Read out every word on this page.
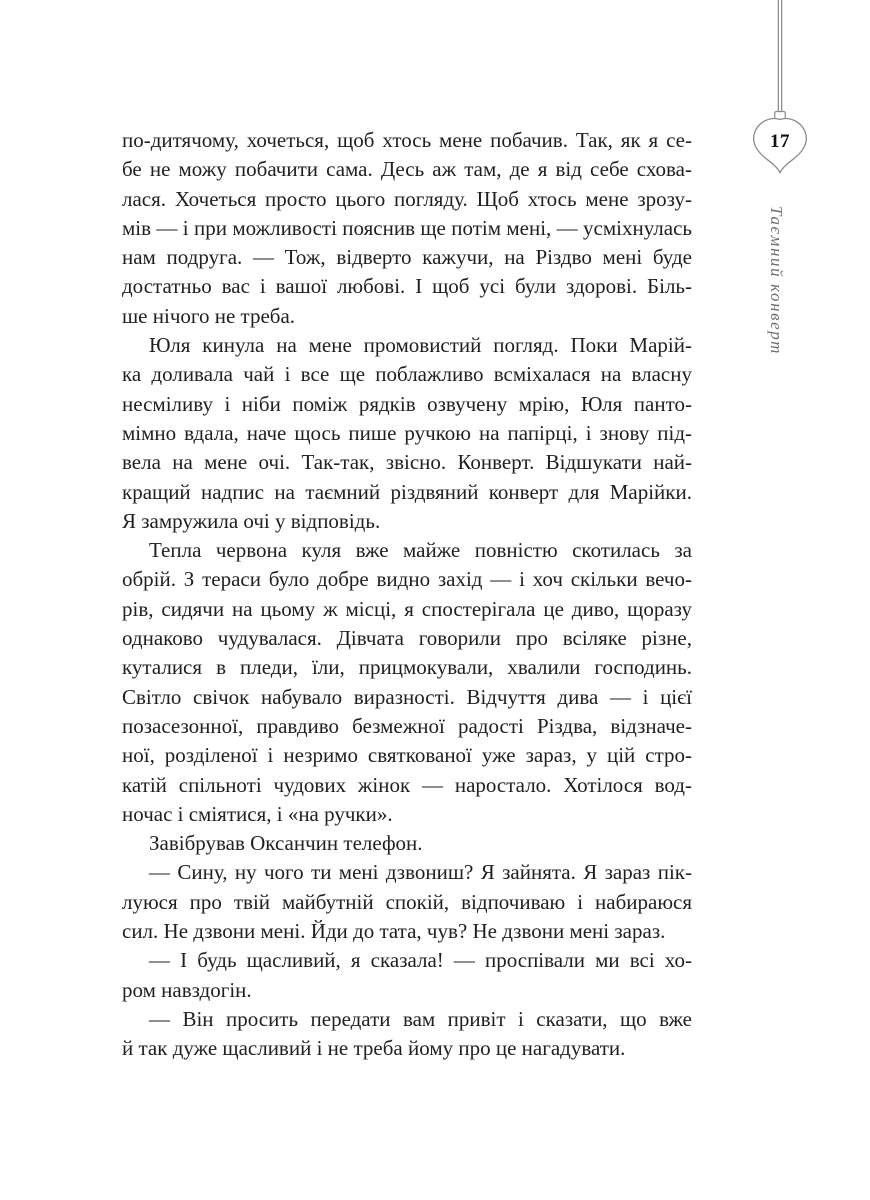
17
Таємний конверт

по-дитячому, хочеться, щоб хтось мене побачив. Так, як я се-
бе не можу побачити сама. Десь аж там, де я від себе схова-
лася. Хочеться просто цього погляду. Щоб хтось мене зрозу-
мів — і при можливості пояснив ще потім мені, — усміхнулась
нам подруга. — Тож, відверто кажучи, на Різдво мені буде
достатньо вас і вашої любові. І щоб усі були здорові. Біль-
ше нічого не треба.

Юля кинула на мене промовистий погляд. Поки Марій-
ка доливала чай і все ще поблажливо всміхалася на власну
несміливу і ніби поміж рядків озвучену мрію, Юля панто-
мімно вдала, наче щось пише ручкою на папірці, і знову під-
вела на мене очі. Так-так, звісно. Конверт. Відшукати най-
кращий надпис на таємний різдвяний конверт для Марійки.
Я замружила очі у відповідь.

Тепла червона куля вже майже повністю скотилась за
обрій. З тераси було добре видно захід — і хоч скільки вечо-
рів, сидячи на цьому ж місці, я спостерігала це диво, щоразу
однаково чудувалася. Дівчата говорили про всіляке різне,
куталися в пледи, їли, прицмокували, хвалили господинь.
Світло свічок набувало виразності. Відчуття дива — і цієї
позасезонної, правдиво безмежної радості Різдва, відзначе-
ної, розділеної і незримо святкованої уже зараз, у цій стро-
катій спільноті чудових жінок — наростало. Хотілося вод-
ночас і сміятися, і «на ручки».

Завібрував Оксанчин телефон.

— Сину, ну чого ти мені дзвониш? Я зайнята. Я зараз пік-
луюся про твій майбутній спокій, відпочиваю і набираюся
сил. Не дзвони мені. Йди до тата, чув? Не дзвони мені зараз.

— І будь щасливий, я сказала! — проспівали ми всі хо-
ром навздогін.

— Він просить передати вам привіт і сказати, що вже
й так дуже щасливий і не треба йому про це нагадувати.
